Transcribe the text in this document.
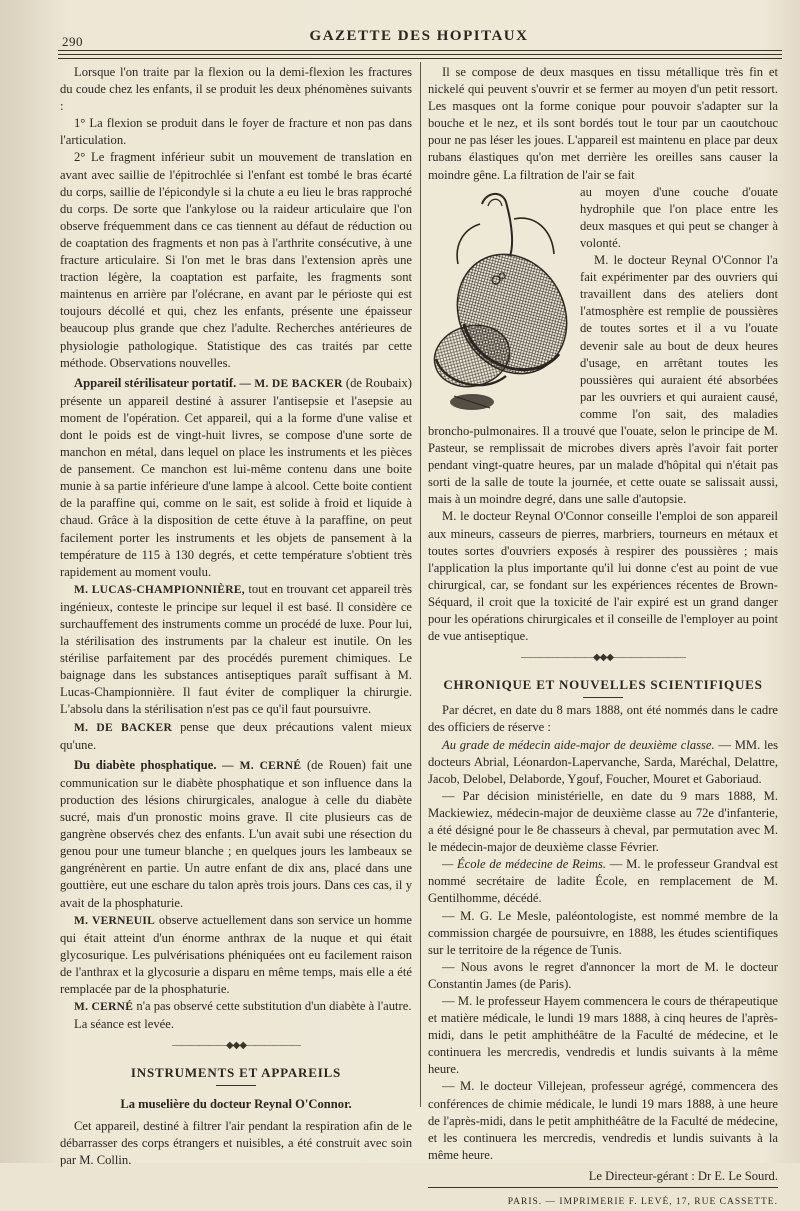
290	GAZETTE DES HOPITAUX

Lorsque l'on traite par la flexion ou la demi-flexion les fractures du coude chez les enfants, il se produit les deux phénomènes suivants :

1° La flexion se produit dans le foyer de fracture et non pas dans l'articulation.

2° Le fragment inférieur subit un mouvement de translation en avant avec saillie de l'épitrochlée si l'enfant est tombé le bras écarté du corps, saillie de l'épicondyle si la chute a eu lieu le bras rapproché du corps. De sorte que l'ankylose ou la raideur articulaire que l'on observe fréquemment dans ce cas tiennent au défaut de réduction ou de coaptation des fragments et non pas à l'arthrite consécutive, à une fracture articulaire. Si l'on met le bras dans l'extension après une traction légère, la coaptation est parfaite, les fragments sont maintenus en arrière par l'olécrane, en avant par le périoste qui est toujours décollé et qui, chez les enfants, présente une épaisseur beaucoup plus grande que chez l'adulte. Recherches antérieures de physiologie pathologique. Statistique des cas traités par cette méthode. Observations nouvelles.

Appareil stérilisateur portatif. — M. DE BACKER (de Roubaix) présente un appareil destiné à assurer l'antisepsie et l'asepsie au moment de l'opération. Cet appareil, qui a la forme d'une valise et dont le poids est de vingt-huit livres, se compose d'une sorte de manchon en métal, dans lequel on place les instruments et les pièces de pansement. Ce manchon est lui-même contenu dans une boite munie à sa partie inférieure d'une lampe à alcool. Cette boite contient de la paraffine qui, comme on le sait, est solide à froid et liquide à chaud. Grâce à la disposition de cette étuve à la paraffine, on peut facilement porter les instruments et les objets de pansement à la température de 115 à 130 degrés, et cette température s'obtient très rapidement au moment voulu.

M. LUCAS-CHAMPIONNIÈRE, tout en trouvant cet appareil très ingénieux, conteste le principe sur lequel il est basé. Il considère ce surchauffement des instruments comme un procédé de luxe. Pour lui, la stérilisation des instruments par la chaleur est inutile. On les stérilise parfaitement par des procédés purement chimiques. Le baignage dans les substances antiseptiques paraît suffisant à M. Lucas-Championnière. Il faut éviter de compliquer la chirurgie. L'absolu dans la stérilisation n'est pas ce qu'il faut poursuivre.

M. DE BACKER pense que deux précautions valent mieux qu'une.

Du diabète phosphatique. — M. CERNÉ (de Rouen) fait une communication sur le diabète phosphatique et son influence dans la production des lésions chirurgicales, analogue à celle du diabète sucré, mais d'un pronostic moins grave. Il cite plusieurs cas de gangrène observés chez des enfants. L'un avait subi une résection du genou pour une tumeur blanche ; en quelques jours les lambeaux se gangrénèrent en partie. Un autre enfant de dix ans, placé dans une gouttière, eut une eschare du talon après trois jours. Dans ces cas, il y avait de la phosphaturie.

M. VERNEUIL observe actuellement dans son service un homme qui était atteint d'un énorme anthrax de la nuque et qui était glycosurique. Les pulvérisations phéniquées ont eu facilement raison de l'anthrax et la glycosurie a disparu en même temps, mais elle a été remplacée par de la phosphaturie.

M. CERNÉ n'a pas observé cette substitution d'un diabète à l'autre.

La séance est levée.

——————◆◆◆——————
INSTRUMENTS ET APPAREILS
La muselière du docteur Reynal O'Connor.

Cet appareil, destiné à filtrer l'air pendant la respiration afin de le débarrasser des corps étrangers et nuisibles, a été construit avec soin par M. Collin.

Il se compose de deux masques en tissu métallique très fin et nickelé qui peuvent s'ouvrir et se fermer au moyen d'un petit ressort. Les masques ont la forme conique pour pouvoir s'adapter sur la bouche et le nez, et ils sont bordés tout le tour par un caoutchouc pour ne pas léser les joues. L'appareil est maintenu en place par deux rubans élastiques qu'on met derrière les oreilles sans causer la moindre gêne. La filtration de l'air se fait

au moyen d'une couche d'ouate hydrophile que l'on place entre les deux masques et qui peut se changer à volonté.

M. le docteur Reynal O'Connor l'a fait expérimenter par des ouvriers qui travaillent dans des ateliers dont l'atmosphère est remplie de poussières de toutes sortes et il a vu l'ouate devenir sale au bout de deux heures d'usage, en arrêtant toutes les poussières qui auraient été absorbées par les ouvriers et qui auraient causé, comme l'on sait, des maladies broncho-pulmonaires. Il a trouvé que l'ouate, selon le principe de M. Pasteur, se remplissait de microbes divers après l'avoir fait porter pendant vingt-quatre heures, par un malade d'hôpital qui n'était pas sorti de la salle de toute la journée, et cette ouate se salissait aussi, mais à un moindre degré, dans une salle d'autopsie.

M. le docteur Reynal O'Connor conseille l'emploi de son appareil aux mineurs, casseurs de pierres, marbriers, tourneurs en métaux et toutes sortes d'ouvriers exposés à respirer des poussières ; mais l'application la plus importante qu'il lui donne c'est au point de vue chirurgical, car, se fondant sur les expériences récentes de Brown-Séquard, il croit que la toxicité de l'air expiré est un grand danger pour les opérations chirurgicales et il conseille de l'employer au point de vue antiseptique.

————————◆◆◆————————
CHRONIQUE ET NOUVELLES SCIENTIFIQUES

Par décret, en date du 8 mars 1888, ont été nommés dans le cadre des officiers de réserve :

Au grade de médecin aide-major de deuxième classe. — MM. les docteurs Abrial, Léonardon-Lapervanche, Sarda, Maréchal, Delattre, Jacob, Delobel, Delaborde, Ygouf, Foucher, Mouret et Gaboriaud.

— Par décision ministérielle, en date du 9 mars 1888, M. Mackiewiez, médecin-major de deuxième classe au 72e d'infanterie, a été désigné pour le 8e chasseurs à cheval, par permutation avec M. le médecin-major de deuxième classe Février.

— École de médecine de Reims. — M. le professeur Grandval est nommé secrétaire de ladite École, en remplacement de M. Gentilhomme, décédé.

— M. G. Le Mesle, paléontologiste, est nommé membre de la commission chargée de poursuivre, en 1888, les études scientifiques sur le territoire de la régence de Tunis.

— Nous avons le regret d'annoncer la mort de M. le docteur Constantin James (de Paris).

— M. le professeur Hayem commencera le cours de thérapeutique et matière médicale, le lundi 19 mars 1888, à cinq heures de l'après-midi, dans le petit amphithéâtre de la Faculté de médecine, et le continuera les mercredis, vendredis et lundis suivants à la même heure.

— M. le docteur Villejean, professeur agrégé, commencera des conférences de chimie médicale, le lundi 19 mars 1888, à une heure de l'après-midi, dans le petit amphithéâtre de la Faculté de médecine, et les continuera les mercredis, vendredis et lundis suivants à la même heure.

Le Directeur-gérant : Dr E. Le Sourd.
PARIS. — IMPRIMERIE F. LEVÉ, 17, RUE CASSETTE.
